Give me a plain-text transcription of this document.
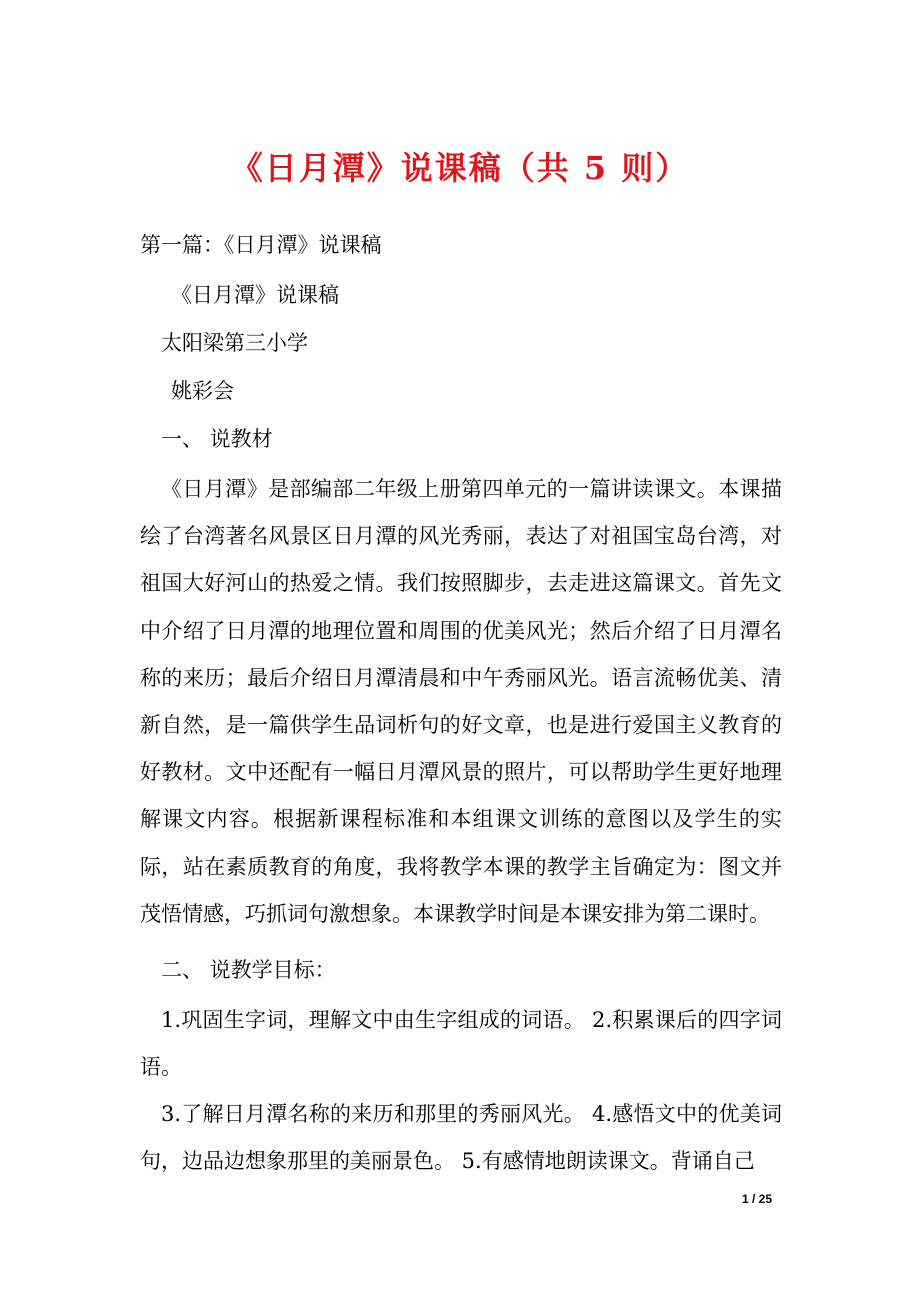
《日月潭》说课稿（共 5 则）
第一篇：《日月潭》说课稿
《日月潭》说课稿
太阳梁第三小学
姚彩会
一、 说教材
《日月潭》是部编部二年级上册第四单元的一篇讲读课文。本课描绘了台湾著名风景区日月潭的风光秀丽，表达了对祖国宝岛台湾，对祖国大好河山的热爱之情。我们按照脚步，去走进这篇课文。首先文中介绍了日月潭的地理位置和周围的优美风光；然后介绍了日月潭名称的来历；最后介绍日月潭清晨和中午秀丽风光。语言流畅优美、清新自然，是一篇供学生品词析句的好文章，也是进行爱国主义教育的好教材。文中还配有一幅日月潭风景的照片，可以帮助学生更好地理解课文内容。根据新课程标准和本组课文训练的意图以及学生的实际，站在素质教育的角度，我将教学本课的教学主旨确定为：图文并茂悟情感，巧抓词句激想象。本课教学时间是本课安排为第二课时。
二、 说教学目标：
1.巩固生字词，理解文中由生字组成的词语。 2.积累课后的四字词语。
3.了解日月潭名称的来历和那里的秀丽风光。 4.感悟文中的优美词句，边品边想象那里的美丽景色。 5.有感情地朗读课文。背诵自己
1 / 25
